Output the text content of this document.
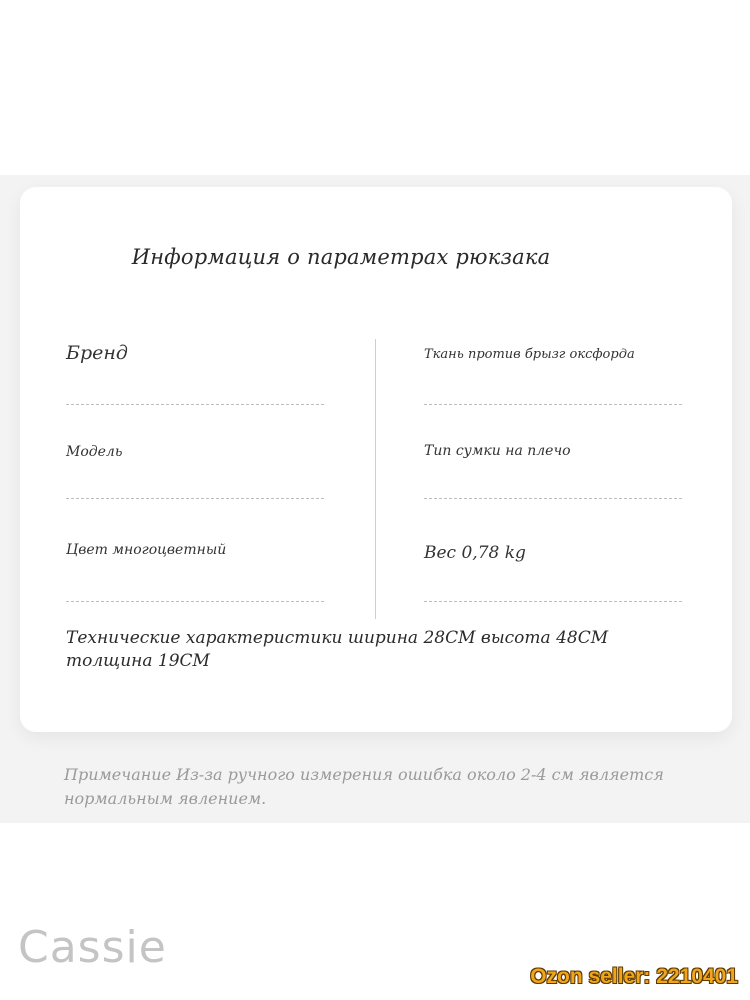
Информация о параметрах рюкзака
Бренд
Модель
Цвет многоцветный
Ткань против брызг оксфорда
Тип сумки на плечо
Вес 0,78 kg
Технические характеристики ширина 28CM высота 48CM толщина 19CM
Примечание Из-за ручного измерения ошибка около 2-4 см является нормальным явлением.
Cassie
Ozon seller: 2210401
